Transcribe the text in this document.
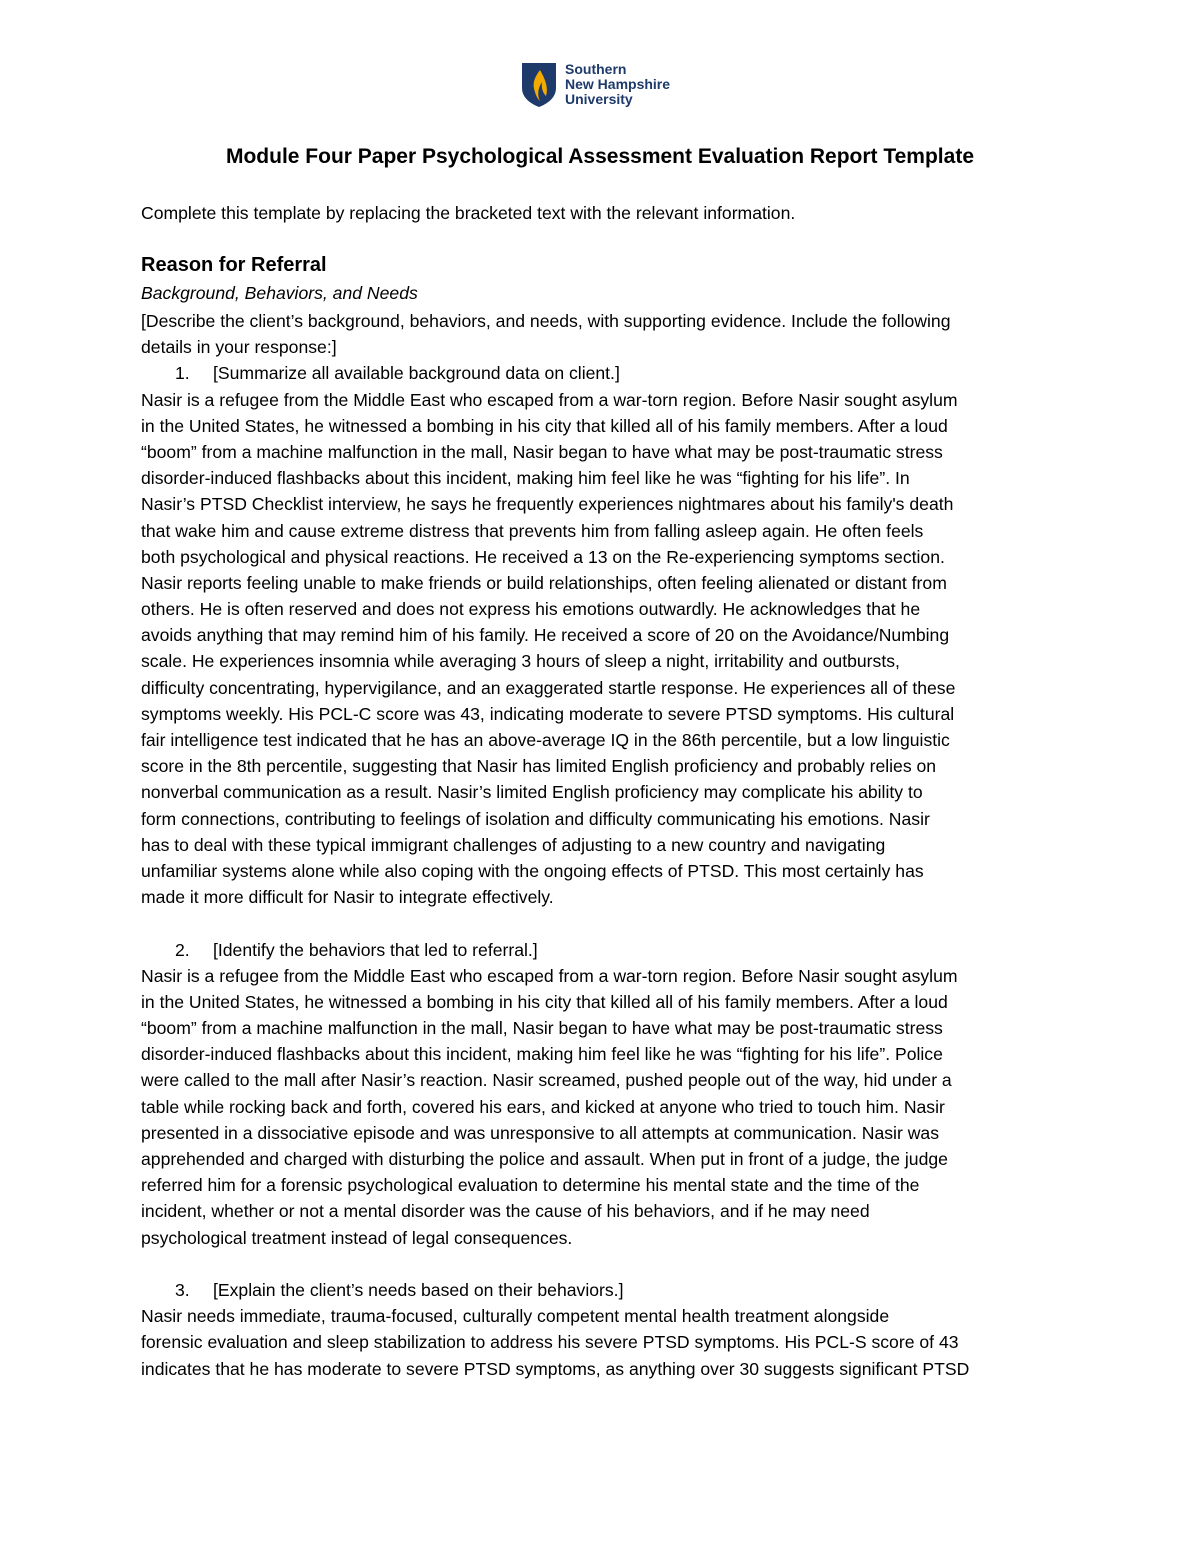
Southern
New Hampshire
University
Module Four Paper Psychological Assessment Evaluation Report Template
Complete this template by replacing the bracketed text with the relevant information.
Reason for Referral
Background, Behaviors, and Needs
[Describe the client’s background, behaviors, and needs, with supporting evidence. Include the following
details in your response:]
1. [Summarize all available background data on client.]
Nasir is a refugee from the Middle East who escaped from a war-torn region. Before Nasir sought asylum
in the United States, he witnessed a bombing in his city that killed all of his family members. After a loud
“boom” from a machine malfunction in the mall, Nasir began to have what may be post-traumatic stress
disorder-induced flashbacks about this incident, making him feel like he was “fighting for his life”. In
Nasir’s PTSD Checklist interview, he says he frequently experiences nightmares about his family's death
that wake him and cause extreme distress that prevents him from falling asleep again. He often feels
both psychological and physical reactions. He received a 13 on the Re-experiencing symptoms section.
Nasir reports feeling unable to make friends or build relationships, often feeling alienated or distant from
others. He is often reserved and does not express his emotions outwardly. He acknowledges that he
avoids anything that may remind him of his family. He received a score of 20 on the Avoidance/Numbing
scale. He experiences insomnia while averaging 3 hours of sleep a night, irritability and outbursts,
difficulty concentrating, hypervigilance, and an exaggerated startle response. He experiences all of these
symptoms weekly. His PCL-C score was 43, indicating moderate to severe PTSD symptoms. His cultural
fair intelligence test indicated that he has an above-average IQ in the 86th percentile, but a low linguistic
score in the 8th percentile, suggesting that Nasir has limited English proficiency and probably relies on
nonverbal communication as a result. Nasir’s limited English proficiency may complicate his ability to
form connections, contributing to feelings of isolation and difficulty communicating his emotions. Nasir
has to deal with these typical immigrant challenges of adjusting to a new country and navigating
unfamiliar systems alone while also coping with the ongoing effects of PTSD. This most certainly has
made it more difficult for Nasir to integrate effectively.
2. [Identify the behaviors that led to referral.]
Nasir is a refugee from the Middle East who escaped from a war-torn region. Before Nasir sought asylum
in the United States, he witnessed a bombing in his city that killed all of his family members. After a loud
“boom” from a machine malfunction in the mall, Nasir began to have what may be post-traumatic stress
disorder-induced flashbacks about this incident, making him feel like he was “fighting for his life”. Police
were called to the mall after Nasir’s reaction. Nasir screamed, pushed people out of the way, hid under a
table while rocking back and forth, covered his ears, and kicked at anyone who tried to touch him. Nasir
presented in a dissociative episode and was unresponsive to all attempts at communication. Nasir was
apprehended and charged with disturbing the police and assault. When put in front of a judge, the judge
referred him for a forensic psychological evaluation to determine his mental state and the time of the
incident, whether or not a mental disorder was the cause of his behaviors, and if he may need
psychological treatment instead of legal consequences.
3. [Explain the client’s needs based on their behaviors.]
Nasir needs immediate, trauma-focused, culturally competent mental health treatment alongside
forensic evaluation and sleep stabilization to address his severe PTSD symptoms. His PCL-S score of 43
indicates that he has moderate to severe PTSD symptoms, as anything over 30 suggests significant PTSD
